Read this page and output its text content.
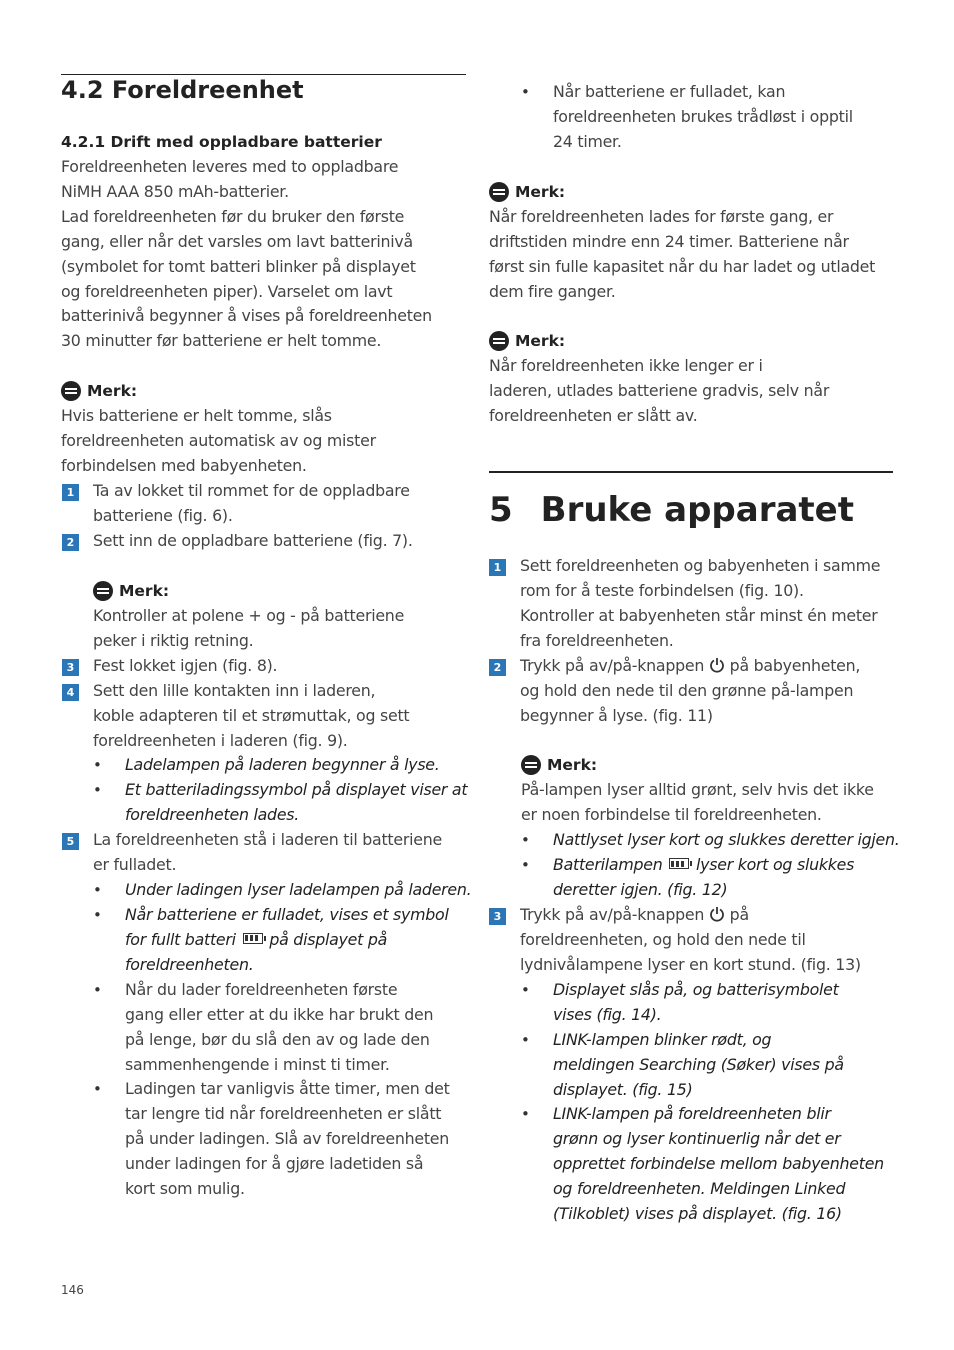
4.2 Foreldreenhet
4.2.1 Drift med oppladbare batterier
Foreldreenheten leveres med to oppladbare
NiMH AAA 850 mAh-batterier.
Lad foreldreenheten før du bruker den første
gang, eller når det varsles om lavt batterinivå
(symbolet for tomt batteri blinker på displayet
og foreldreenheten piper). Varselet om lavt
batterinivå begynner å vises på foreldreenheten
30 minutter før batteriene er helt tomme.
Merk:
Hvis batteriene er helt tomme, slås
foreldreenheten automatisk av og mister
forbindelsen med babyenheten.
1 Ta av lokket til rommet for de oppladbare
batteriene (fig. 6).
2 Sett inn de oppladbare batteriene (fig. 7).
Merk:
Kontroller at polene + og - på batteriene
peker i riktig retning.
3 Fest lokket igjen (fig. 8).
4 Sett den lille kontakten inn i laderen,
koble adapteren til et strømuttak, og sett
foreldreenheten i laderen (fig. 9).
• Ladelampen på laderen begynner å lyse.
• Et batteriladingssymbol på displayet viser at
foreldreenheten lades.
5 La foreldreenheten stå i laderen til batteriene
er fulladet.
• Under ladingen lyser ladelampen på laderen.
• Når batteriene er fulladet, vises et symbol
for fullt batteri på displayet på
foreldreenheten.
• Når du lader foreldreenheten første
gang eller etter at du ikke har brukt den
på lenge, bør du slå den av og lade den
sammenhengende i minst ti timer.
• Ladingen tar vanligvis åtte timer, men det
tar lengre tid når foreldreenheten er slått
på under ladingen. Slå av foreldreenheten
under ladingen for å gjøre ladetiden så
kort som mulig.
146
• Når batteriene er fulladet, kan
foreldreenheten brukes trådløst i opptil
24 timer.
Merk:
Når foreldreenheten lades for første gang, er
driftstiden mindre enn 24 timer. Batteriene når
først sin fulle kapasitet når du har ladet og utladet
dem fire ganger.
Merk:
Når foreldreenheten ikke lenger er i
laderen, utlades batteriene gradvis, selv når
foreldreenheten er slått av.
5 Bruke apparatet
1 Sett foreldreenheten og babyenheten i samme
rom for å teste forbindelsen (fig. 10).
Kontroller at babyenheten står minst én meter
fra foreldreenheten.
2 Trykk på av/på-knappen på babyenheten,
og hold den nede til den grønne på-lampen
begynner å lyse. (fig. 11)
Merk:
På-lampen lyser alltid grønt, selv hvis det ikke
er noen forbindelse til foreldreenheten.
• Nattlyset lyser kort og slukkes deretter igjen.
• Batterilampen lyser kort og slukkes
deretter igjen. (fig. 12)
3 Trykk på av/på-knappen på
foreldreenheten, og hold den nede til
lydnivålampene lyser en kort stund. (fig. 13)
• Displayet slås på, og batterisymbolet
vises (fig. 14).
• LINK-lampen blinker rødt, og
meldingen Searching (Søker) vises på
displayet. (fig. 15)
• LINK-lampen på foreldreenheten blir
grønn og lyser kontinuerlig når det er
opprettet forbindelse mellom babyenheten
og foreldreenheten. Meldingen Linked
(Tilkoblet) vises på displayet. (fig. 16)
